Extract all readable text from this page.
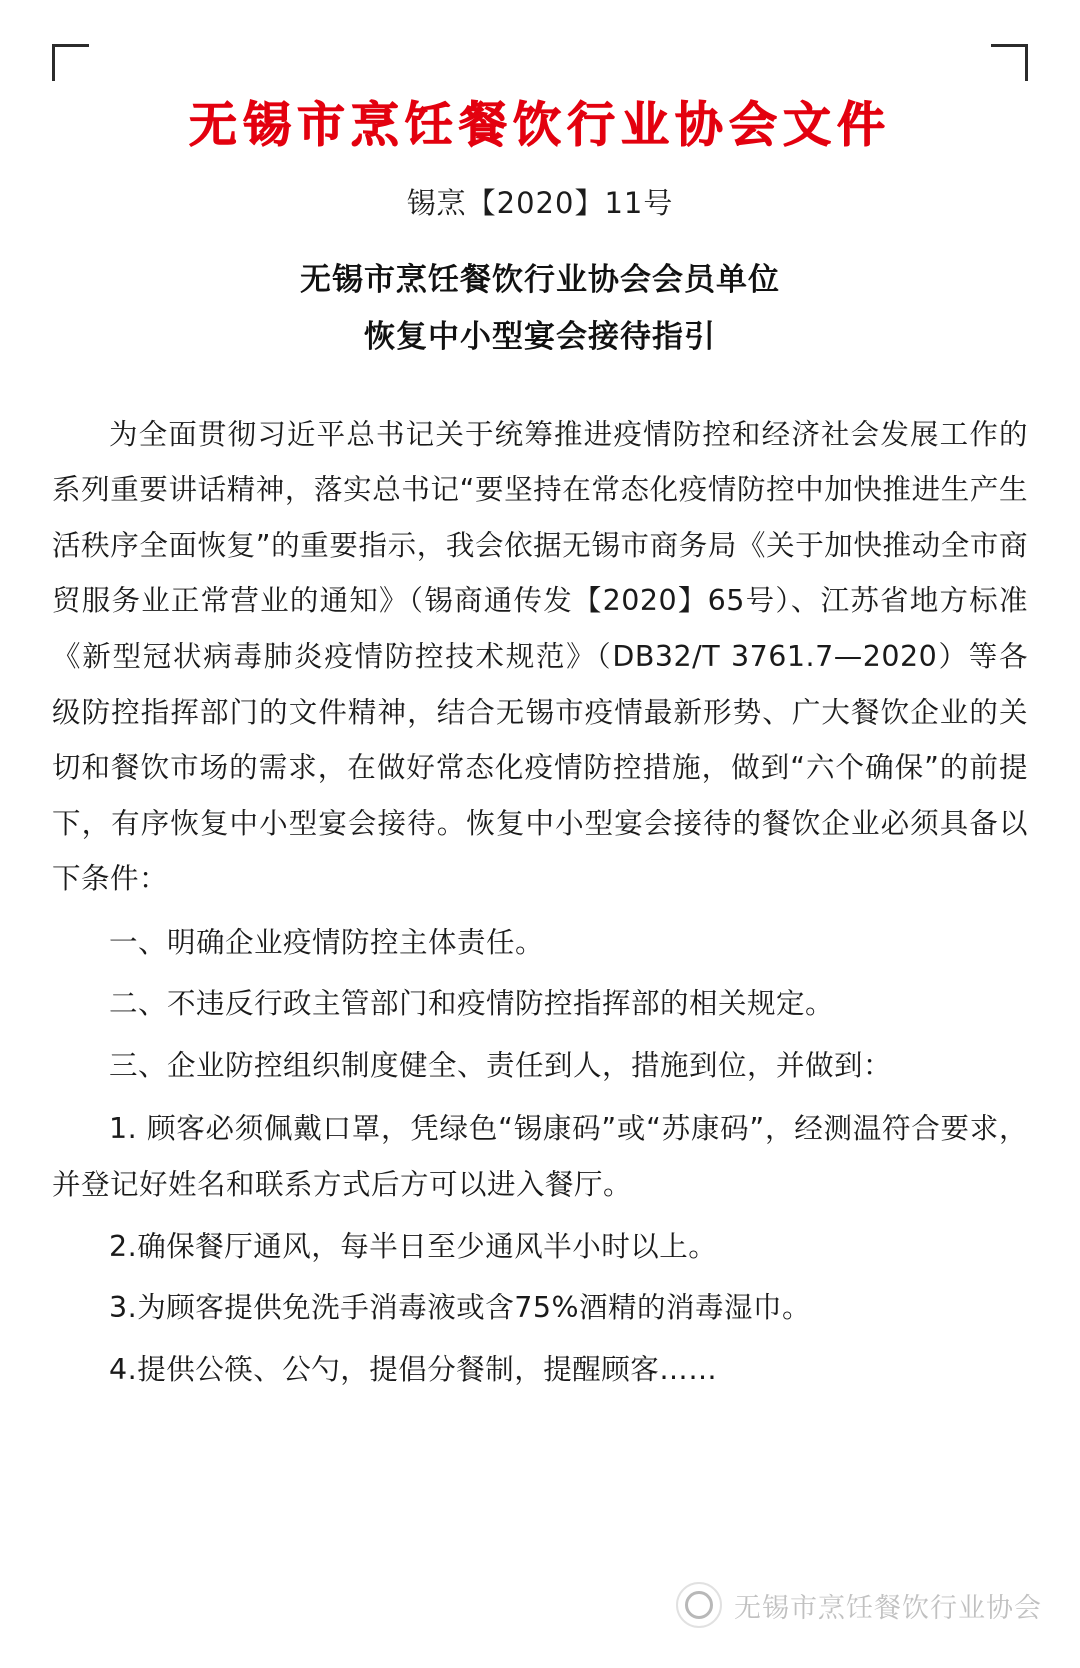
无锡市烹饪餐饮行业协会文件
锡烹【2020】11号
无锡市烹饪餐饮行业协会会员单位
恢复中小型宴会接待指引

为全面贯彻习近平总书记关于统筹推进疫情防控和经济社会发展工作的系列重要讲话精神，落实总书记“要坚持在常态化疫情防控中加快推进生产生活秩序全面恢复”的重要指示，我会依据无锡市商务局《关于加快推动全市商贸服务业正常营业的通知》（锡商通传发【2020】65号）、江苏省地方标准《新型冠状病毒肺炎疫情防控技术规范》（DB32/T 3761.7—2020）等各级防控指挥部门的文件精神，结合无锡市疫情最新形势、广大餐饮企业的关切和餐饮市场的需求，在做好常态化疫情防控措施，做到“六个确保”的前提下，有序恢复中小型宴会接待。恢复中小型宴会接待的餐饮企业必须具备以下条件：

一、明确企业疫情防控主体责任。

二、不违反行政主管部门和疫情防控指挥部的相关规定。

三、企业防控组织制度健全、责任到人，措施到位，并做到：

1. 顾客必须佩戴口罩，凭绿色“锡康码”或“苏康码”，经测温符合要求，并登记好姓名和联系方式后方可以进入餐厅。

2.确保餐厅通风，每半日至少通风半小时以上。

3.为顾客提供免洗手消毒液或含75%酒精的消毒湿巾。

4.提供公筷、公勺，提倡分餐制，提醒顾客……

无锡市烹饪餐饮行业协会
